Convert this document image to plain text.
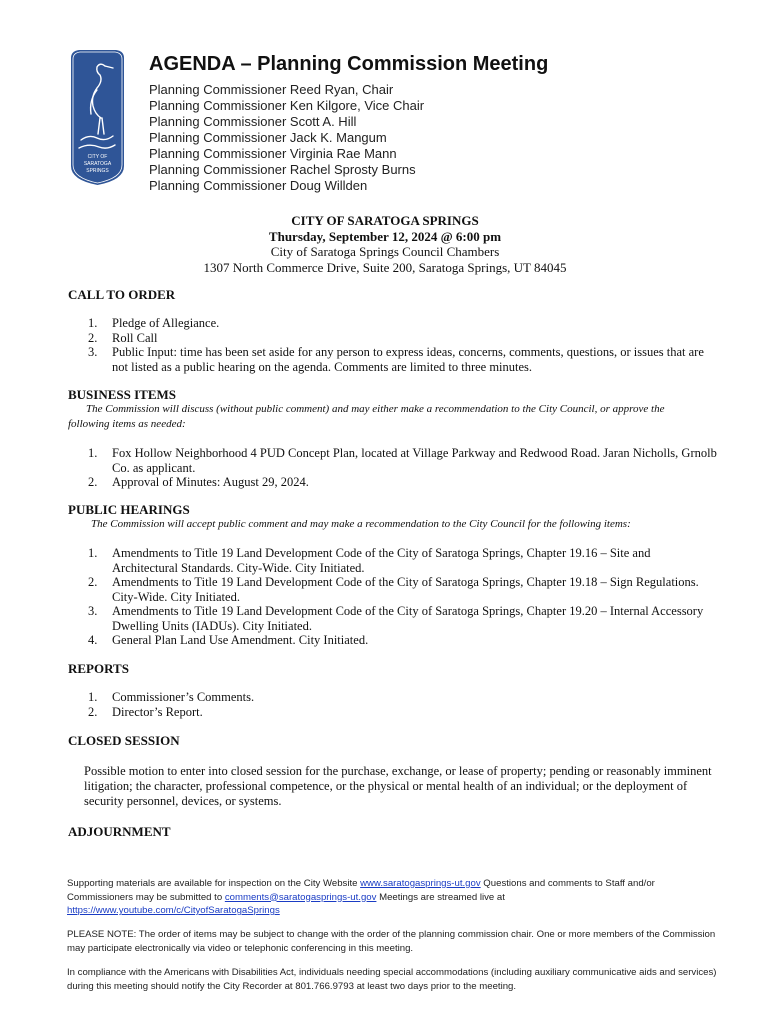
CITY OF
SARATOGA
SPRINGS
AGENDA – Planning Commission Meeting
Planning Commissioner Reed Ryan, Chair
Planning Commissioner Ken Kilgore, Vice Chair
Planning Commissioner Scott A. Hill
Planning Commissioner Jack K. Mangum
Planning Commissioner Virginia Rae Mann
Planning Commissioner Rachel Sprosty Burns
Planning Commissioner Doug Willden
CITY OF SARATOGA SPRINGS
Thursday, September 12, 2024 @ 6:00 pm
City of Saratoga Springs Council Chambers
1307 North Commerce Drive, Suite 200, Saratoga Springs, UT 84045
CALL TO ORDER
1. Pledge of Allegiance.
2. Roll Call
3. Public Input: time has been set aside for any person to express ideas, concerns, comments, questions, or issues that are not listed as a public hearing on the agenda. Comments are limited to three minutes.
BUSINESS ITEMS
The Commission will discuss (without public comment) and may either make a recommendation to the City Council, or approve the following items as needed:
1. Fox Hollow Neighborhood 4 PUD Concept Plan, located at Village Parkway and Redwood Road. Jaran Nicholls, Grnolb Co. as applicant.
2. Approval of Minutes: August 29, 2024.
PUBLIC HEARINGS
The Commission will accept public comment and may make a recommendation to the City Council for the following items:
1. Amendments to Title 19 Land Development Code of the City of Saratoga Springs, Chapter 19.16 – Site and Architectural Standards. City-Wide. City Initiated.
2. Amendments to Title 19 Land Development Code of the City of Saratoga Springs, Chapter 19.18 – Sign Regulations. City-Wide. City Initiated.
3. Amendments to Title 19 Land Development Code of the City of Saratoga Springs, Chapter 19.20 – Internal Accessory Dwelling Units (IADUs). City Initiated.
4. General Plan Land Use Amendment. City Initiated.
REPORTS
1. Commissioner’s Comments.
2. Director’s Report.
CLOSED SESSION
Possible motion to enter into closed session for the purchase, exchange, or lease of property; pending or reasonably imminent litigation; the character, professional competence, or the physical or mental health of an individual; or the deployment of security personnel, devices, or systems.
ADJOURNMENT
Supporting materials are available for inspection on the City Website www.saratogasprings-ut.gov Questions and comments to Staff and/or Commissioners may be submitted to comments@saratogasprings-ut.gov Meetings are streamed live at https://www.youtube.com/c/CityofSaratogaSprings
PLEASE NOTE: The order of items may be subject to change with the order of the planning commission chair. One or more members of the Commission may participate electronically via video or telephonic conferencing in this meeting.
In compliance with the Americans with Disabilities Act, individuals needing special accommodations (including auxiliary communicative aids and services) during this meeting should notify the City Recorder at 801.766.9793 at least two days prior to the meeting.
